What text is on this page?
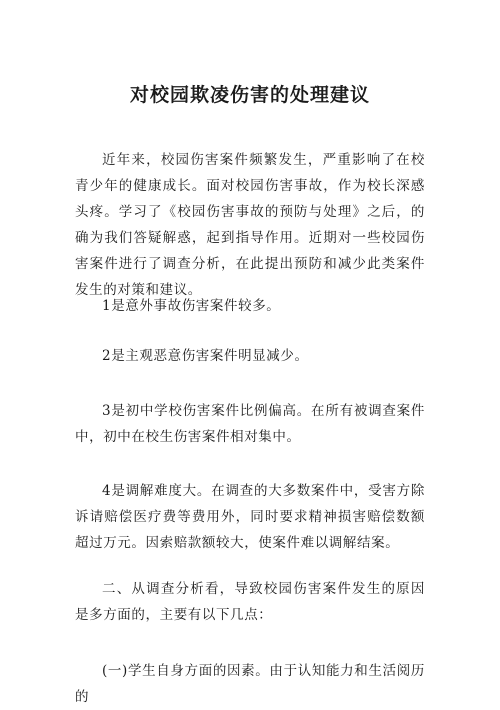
对校园欺凌伤害的处理建议

近年来，校园伤害案件频繁发生，严重影响了在校青少年的健康成长。面对校园伤害事故，作为校长深感头疼。学习了《校园伤害事故的预防与处理》之后，的确为我们答疑解惑，起到指导作用。近期对一些校园伤害案件进行了调查分析，在此提出预防和减少此类案件发生的对策和建议。

1是意外事故伤害案件较多。

2是主观恶意伤害案件明显减少。

3是初中学校伤害案件比例偏高。在所有被调查案件中，初中在校生伤害案件相对集中。

4是调解难度大。在调查的大多数案件中，受害方除诉请赔偿医疗费等费用外，同时要求精神损害赔偿数额超过万元。因索赔款额较大，使案件难以调解结案。

二、从调查分析看，导致校园伤害案件发生的原因是多方面的，主要有以下几点：

(一)学生自身方面的因素。由于认知能力和生活阅历的
